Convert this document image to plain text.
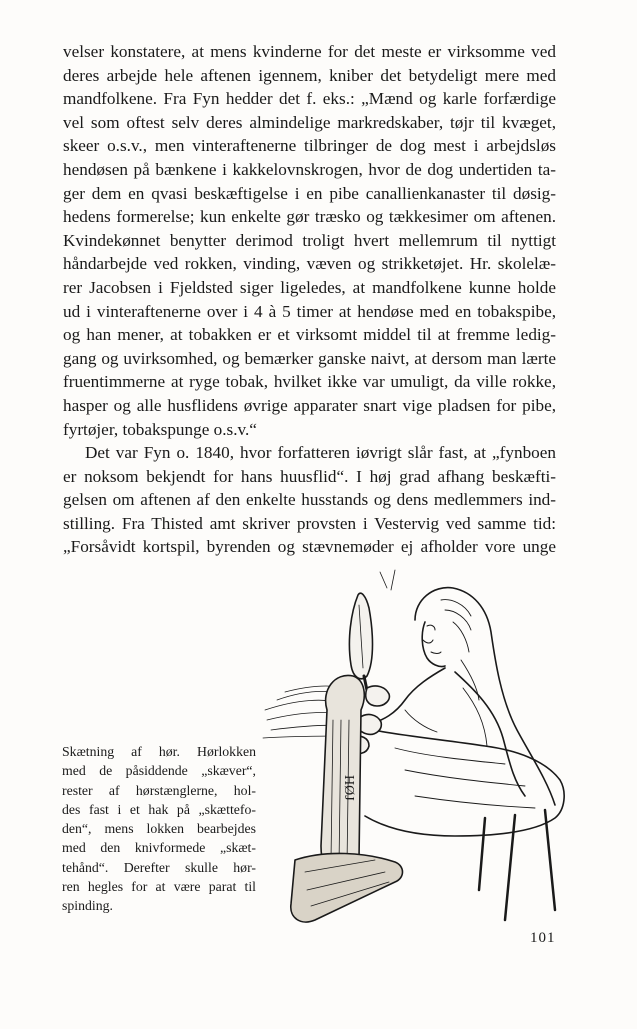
velser konstatere, at mens kvinderne for det meste er virksomme ved
deres arbejde hele aftenen igennem, kniber det betydeligt mere med
mandfolkene. Fra Fyn hedder det f. eks.: „Mænd og karle forfærdige
vel som oftest selv deres almindelige markredskaber, tøjr til kvæget,
skeer o.s.v., men vinteraftenerne tilbringer de dog mest i arbejdsløs
hendøsen på bænkene i kakkelovnskrogen, hvor de dog undertiden ta-
ger dem en qvasi beskæftigelse i en pibe canallienkanaster til døsig-
hedens formerelse; kun enkelte gør træsko og tækkesimer om aftenen.
Kvindekønnet benytter derimod troligt hvert mellemrum til nyttigt
håndarbejde ved rokken, vinding, væven og strikketøjet. Hr. skolelæ-
rer Jacobsen i Fjeldsted siger ligeledes, at mandfolkene kunne holde
ud i vinteraftenerne over i 4 à 5 timer at hendøse med en tobakspibe,
og han mener, at tobakken er et virksomt middel til at fremme ledig-
gang og uvirksomhed, og bemærker ganske naivt, at dersom man lærte
fruentimmerne at ryge tobak, hvilket ikke var umuligt, da ville rokke,
hasper og alle husflidens øvrige apparater snart vige pladsen for pibe,
fyrtøjer, tobakspunge o.s.v.“
Det var Fyn o. 1840, hvor forfatteren iøvrigt slår fast, at „fynboen
er noksom bekjendt for hans huusflid“. I høj grad afhang beskæfti-
gelsen om aftenen af den enkelte husstands og dens medlemmers ind-
stilling. Fra Thisted amt skriver provsten i Vestervig ved samme tid:
„Forsåvidt kortspil, byrenden og stævnemøder ej afholder vore unge
HØJ
Skætning af hør. Hørlokken
med de påsiddende „skæver“,
rester af hørstænglerne, hol-
des fast i et hak på „skættefo-
den“, mens lokken bearbejdes
med den knivformede „skæt-
tehånd“. Derefter skulle hør-
ren hegles for at være parat til
spinding.
101
